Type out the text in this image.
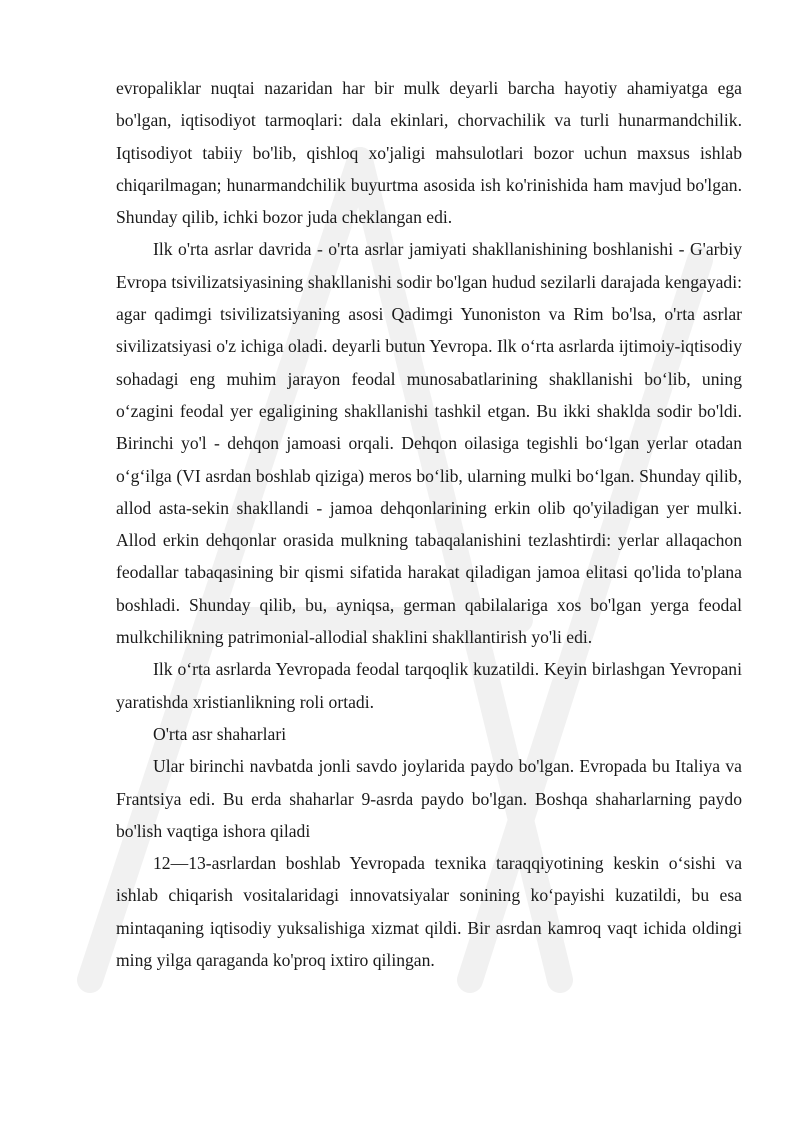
evropaliklar nuqtai nazaridan har bir mulk deyarli barcha hayotiy ahamiyatga ega bo'lgan, iqtisodiyot tarmoqlari: dala ekinlari, chorvachilik va turli hunarmandchilik. Iqtisodiyot tabiiy bo'lib, qishloq xo'jaligi mahsulotlari bozor uchun maxsus ishlab chiqarilmagan; hunarmandchilik buyurtma asosida ish ko'rinishida ham mavjud bo'lgan. Shunday qilib, ichki bozor juda cheklangan edi.

Ilk o'rta asrlar davrida - o'rta asrlar jamiyati shakllanishining boshlanishi - G'arbiy Evropa tsivilizatsiyasining shakllanishi sodir bo'lgan hudud sezilarli darajada kengayadi: agar qadimgi tsivilizatsiyaning asosi Qadimgi Yunoniston va Rim bo'lsa, o'rta asrlar sivilizatsiyasi o'z ichiga oladi. deyarli butun Yevropa. Ilk o‘rta asrlarda ijtimoiy-iqtisodiy sohadagi eng muhim jarayon feodal munosabatlarining shakllanishi bo‘lib, uning o‘zagini feodal yer egaligining shakllanishi tashkil etgan. Bu ikki shaklda sodir bo'ldi. Birinchi yo'l - dehqon jamoasi orqali. Dehqon oilasiga tegishli bo‘lgan yerlar otadan o‘g‘ilga (VI asrdan boshlab qiziga) meros bo‘lib, ularning mulki bo‘lgan. Shunday qilib, allod asta-sekin shakllandi - jamoa dehqonlarining erkin olib qo'yiladigan yer mulki. Allod erkin dehqonlar orasida mulkning tabaqalanishini tezlashtirdi: yerlar allaqachon feodallar tabaqasining bir qismi sifatida harakat qiladigan jamoa elitasi qo'lida to'plana boshladi. Shunday qilib, bu, ayniqsa, german qabilalariga xos bo'lgan yerga feodal mulkchilikning patrimonial-allodial shaklini shakllantirish yo'li edi.

Ilk o‘rta asrlarda Yevropada feodal tarqoqlik kuzatildi. Keyin birlashgan Yevropani yaratishda xristianlikning roli ortadi.

O'rta asr shaharlari

Ular birinchi navbatda jonli savdo joylarida paydo bo'lgan. Evropada bu Italiya va Frantsiya edi. Bu erda shaharlar 9-asrda paydo bo'lgan. Boshqa shaharlarning paydo bo'lish vaqtiga ishora qiladi

12—13-asrlardan boshlab Yevropada texnika taraqqiyotining keskin o‘sishi va ishlab chiqarish vositalaridagi innovatsiyalar sonining ko‘payishi kuzatildi, bu esa mintaqaning iqtisodiy yuksalishiga xizmat qildi. Bir asrdan kamroq vaqt ichida oldingi ming yilga qaraganda ko'proq ixtiro qilingan.
